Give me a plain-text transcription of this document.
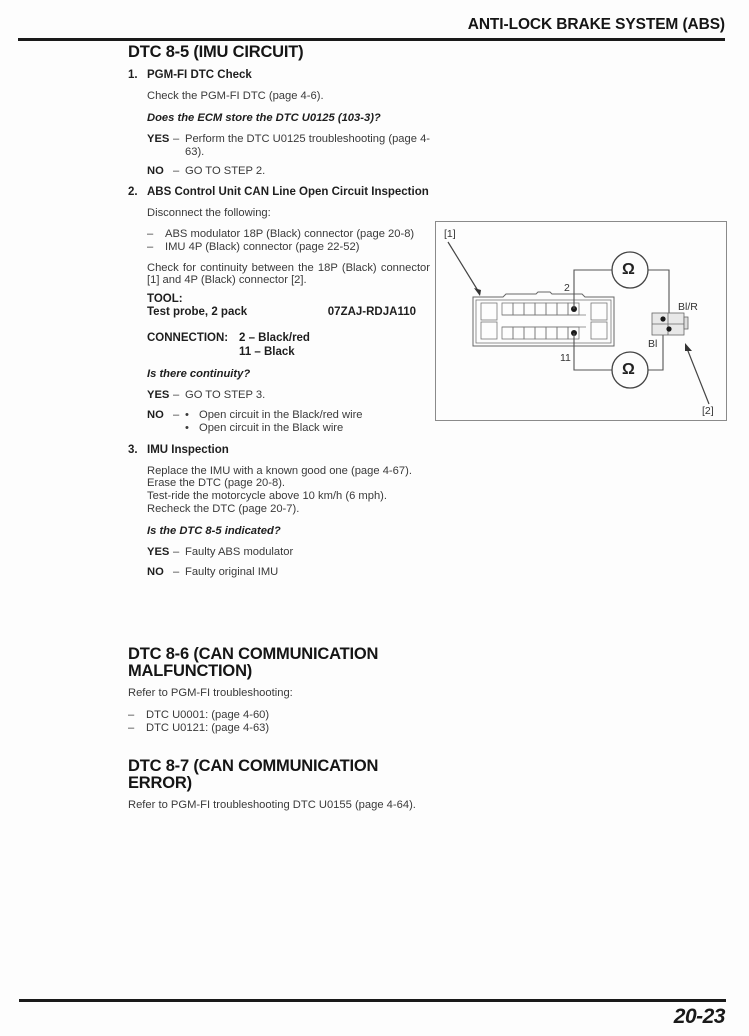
ANTI-LOCK BRAKE SYSTEM (ABS)
DTC 8-5 (IMU CIRCUIT)
1. PGM-FI DTC Check
Check the PGM-FI DTC (page 4-6).
Does the ECM store the DTC U0125 (103-3)?
YES – Perform the DTC U0125 troubleshooting (page 4-63).
NO – GO TO STEP 2.
2. ABS Control Unit CAN Line Open Circuit Inspection
Disconnect the following:
–	ABS modulator 18P (Black) connector (page 20-8)
–	IMU 4P (Black) connector (page 22-52)
Check for continuity between the 18P (Black) connector [1] and 4P (Black) connector [2].
TOOL:
Test probe, 2 pack	07ZAJ-RDJA110
CONNECTION: 2 – Black/red
11 – Black
Is there continuity?
YES – GO TO STEP 3.
NO – • Open circuit in the Black/red wire
• Open circuit in the Black wire
3. IMU Inspection
Replace the IMU with a known good one (page 4-67).
Erase the DTC (page 20-8).
Test-ride the motorcycle above 10 km/h (6 mph).
Recheck the DTC (page 20-7).
Is the DTC 8-5 indicated?
YES – Faulty ABS modulator
NO – Faulty original IMU
DTC 8-6 (CAN COMMUNICATION MALFUNCTION)
Refer to PGM-FI troubleshooting:
–	DTC U0001: (page 4-60)
–	DTC U0121: (page 4-63)
DTC 8-7 (CAN COMMUNICATION ERROR)
Refer to PGM-FI troubleshooting DTC U0155 (page 4-64).
[1]
[2]
2
11
Ω
Ω
Bl/R
Bl
20-23
